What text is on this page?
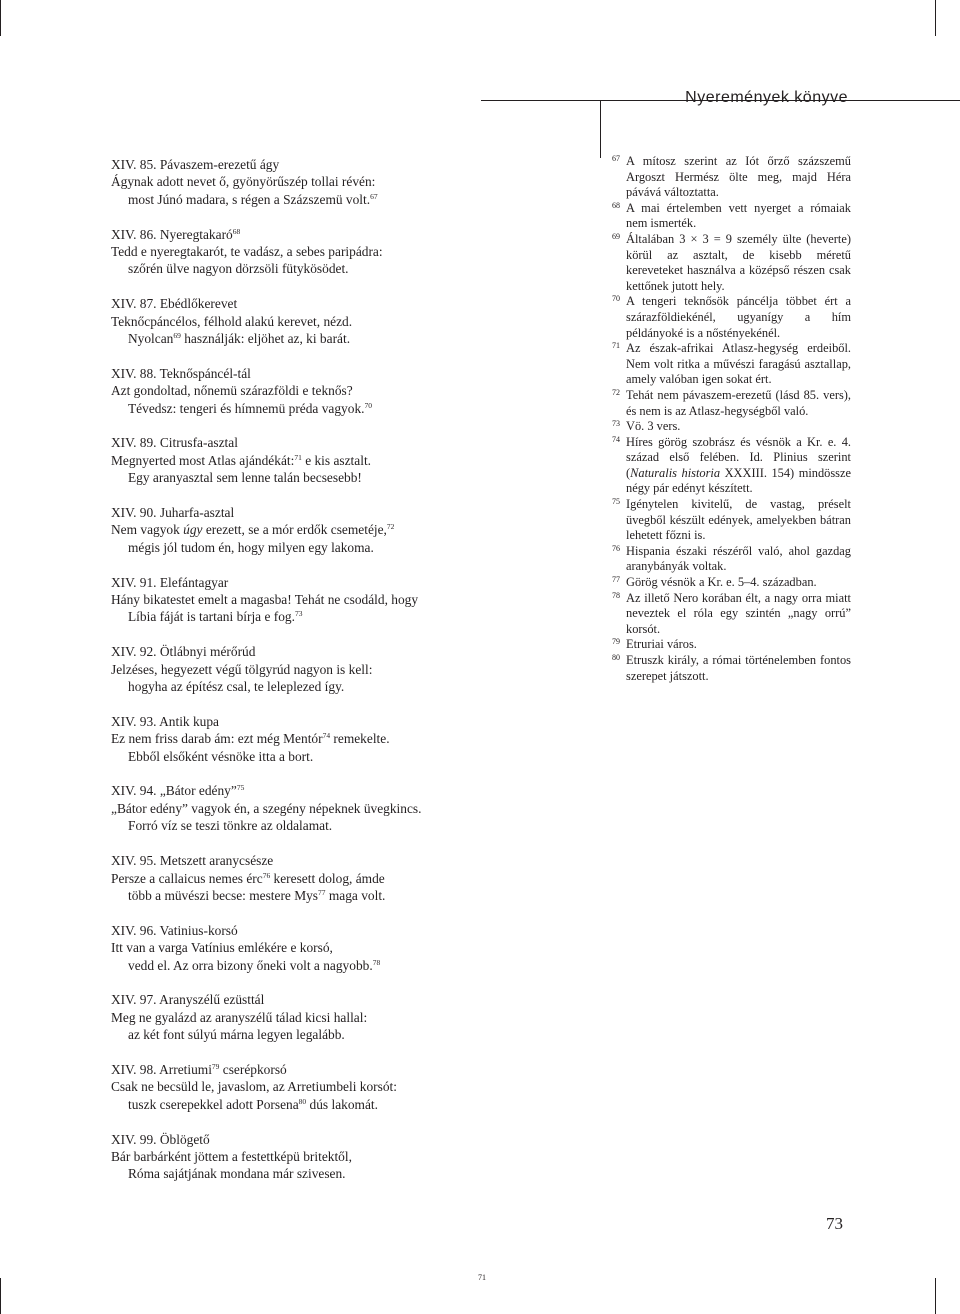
Nyeremények könyve
XIV. 85. Pávaszem-erezetű ágy
Ágynak adott nevet ő, gyönyörűszép tollai révén:
most Júnó madara, s régen a Százszemü volt.$^{67}$
XIV. 86. Nyeregtakaró$^{68}$
Tedd e nyeregtakarót, te vadász, a sebes paripádra:
szőrén ülve nagyon dörzsöli fütykösödet.
XIV. 87. Ebédlőkerevet
Teknőcpáncélos, félhold alakú kerevet, nézd.
Nyolcan$^{69}$ használják: eljöhet az, ki barát.
XIV. 88. Teknőspáncél-tál
Azt gondoltad, nőnemü szárazföldi e teknős?
Tévedsz: tengeri és hímnemü préda vagyok.$^{70}$
XIV. 89. Citrusfa-asztal
Megnyerted most Atlas ajándékát:$^{71}$ e kis asztalt.
Egy aranyasztal sem lenne talán becsesebb!
XIV. 90. Juharfa-asztal
Nem vagyok úgy erezett, se a mór erdők csemetéje,$^{72}$
mégis jól tudom én, hogy milyen egy lakoma.
XIV. 91. Elefántagyar
Hány bikatestet emelt a magasba! Tehát ne csodáld, hogy
Líbia fáját is tartani bírja e fog.$^{73}$
XIV. 92. Ötlábnyi mérőrúd
Jelzéses, hegyezett végű tölgyrúd nagyon is kell:
hogyha az építész csal, te leleplezed így.
XIV. 93. Antik kupa
Ez nem friss darab ám: ezt még Mentór$^{74}$ remekelte.
Ebből elsőként vésnöke itta a bort.
XIV. 94. „Bátor edény”$^{75}$
„Bátor edény” vagyok én, a szegény népeknek üvegkincs.
Forró víz se teszi tönkre az oldalamat.
XIV. 95. Metszett aranycsésze
Persze a callaicus nemes érc$^{76}$ keresett dolog, ámde
több a müvészi becse: mestere Mys$^{77}$ maga volt.
XIV. 96. Vatinius-korsó
Itt van a varga Vatínius emlékére e korsó,
vedd el. Az orra bizony őneki volt a nagyobb.$^{78}$
XIV. 97. Aranyszélű ezüsttál
Meg ne gyalázd az aranyszélű tálad kicsi hallal:
az két font súlyú márna legyen legalább.
XIV. 98. Arretiumi$^{79}$ cserépkorsó
Csak ne becsüld le, javaslom, az Arretiumbeli korsót:
tuszk cserepekkel adott Porsena$^{80}$ dús lakomát.
XIV. 99. Öblögető
Bár barbárként jöttem a festettképü britektől,
Róma sajátjának mondana már szivesen.
67 A mítosz szerint az Iót őrző százszemű Argoszt Hermész ölte meg, majd Héra pávává változtatta.
68 A mai értelemben vett nyerget a rómaiak nem ismerték.
69 Általában 3 × 3 = 9 személy ülte (heverte) körül az asztalt, de kisebb méretű kereveteket használva a középső részen csak kettőnek jutott hely.
70 A tengeri teknősök páncélja többet ért a szárazföldiekénél, ugyanígy a hím példányoké is a nőstényekénél.
71 Az észak-afrikai Atlasz-hegység erdeiből. Nem volt ritka a művészi faragású asztallap, amely valóban igen sokat ért.
72 Tehát nem pávaszem-erezetű (lásd 85. vers), és nem is az Atlasz-hegységből való.
73 Vö. 3 vers.
74 Híres görög szobrász és vésnök a Kr. e. 4. század első felében. Id. Plinius szerint (Naturalis historia XXXIII. 154) mindössze négy pár edényt készített.
75 Igénytelen kivitelű, de vastag, préselt üvegből készült edények, amelyekben bátran lehetett főzni is.
76 Hispania északi részéről való, ahol gazdag aranybányák voltak.
77 Görög vésnök a Kr. e. 5–4. században.
78 Az illető Nero korában élt, a nagy orra miatt neveztek el róla egy szintén „nagy orrú” korsót.
79 Etruriai város.
80 Etruszk király, a római történelemben fontos szerepet játszott.
73
71
